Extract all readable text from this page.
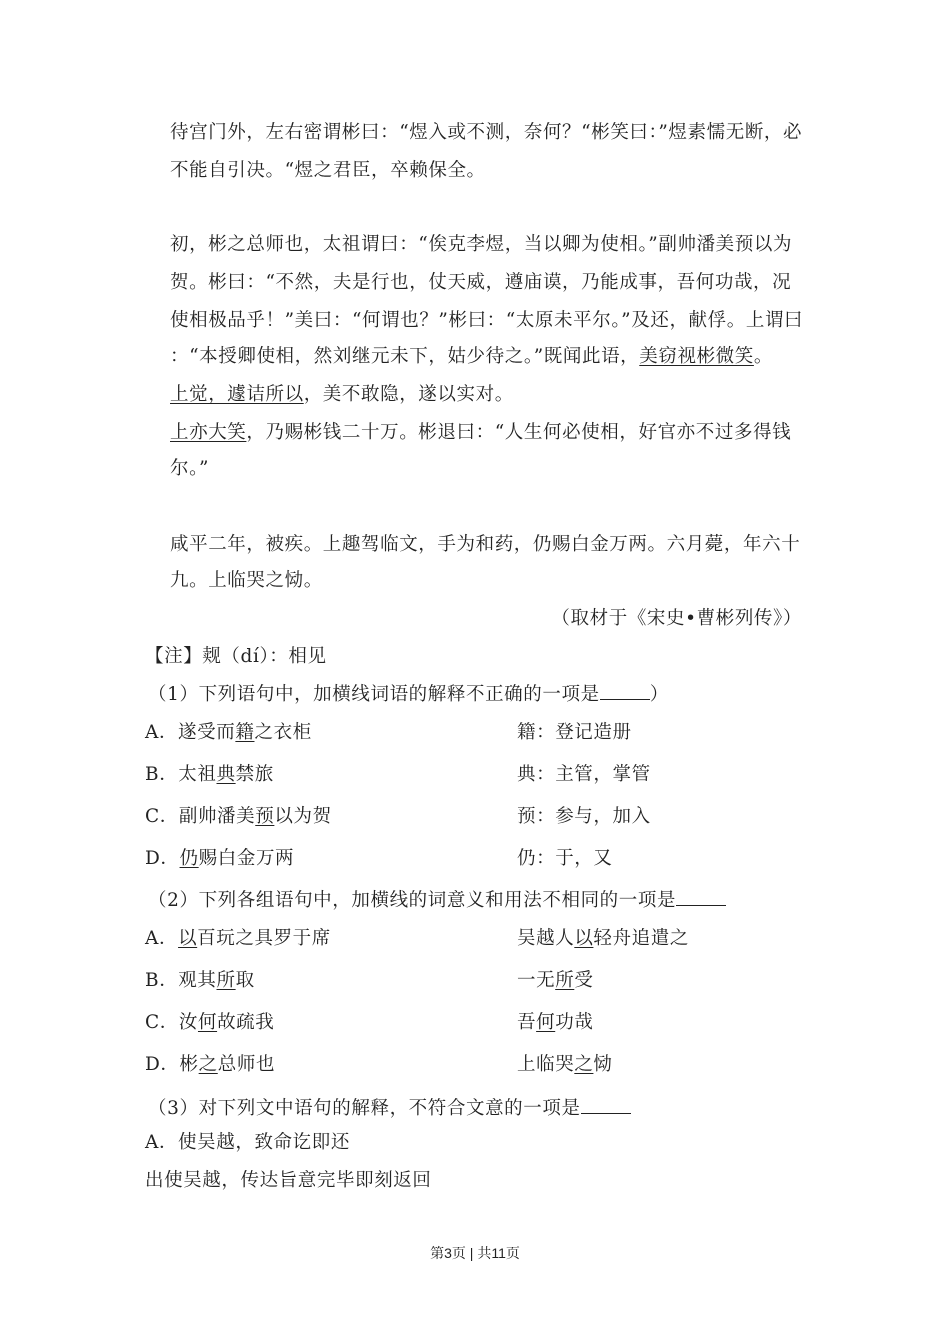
待宫门外，左右密谓彬曰：“煜入或不测，奈何？“彬笑曰：”煜素懦无断，必
不能自引决。“煜之君臣，卒赖保全。
初，彬之总师也，太祖谓曰：“俟克李煜，当以卿为使相。”副帅潘美预以为
贺。彬曰：“不然，夫是行也，仗天威，遵庙谟，乃能成事，吾何功哉，况
使相极品乎！”美曰：“何谓也？”彬曰：“太原未平尔。”及还，献俘。上谓曰
：“本授卿使相，然刘继元未下，姑少待之。”既闻此语，美窃视彬微笑。
上觉，遽诘所以，美不敢隐，遂以实对。
上亦大笑，乃赐彬钱二十万。彬退曰：“人生何必使相，好官亦不过多得钱
尔。”
咸平二年，被疾。上趣驾临文，手为和药，仍赐白金万两。六月薨，年六十
九。上临哭之恸。
（取材于《宋史•曹彬列传》）
【注】觌（dí）：相见
（1）下列语句中，加横线词语的解释不正确的一项是	）
A．遂受而籍之衣柜	籍：登记造册
B．太祖典禁旅	典：主管，掌管
C．副帅潘美预以为贺	预：参与，加入
D．仍赐白金万两	仍：于，又
（2）下列各组语句中，加横线的词意义和用法不相同的一项是
A．以百玩之具罗于席	吴越人以轻舟追遣之
B．观其所取	一无所受
C．汝何故疏我	吾何功哉
D．彬之总师也	上临哭之恸
（3）对下列文中语句的解释，不符合文意的一项是
A．使吴越，致命讫即还
出使吴越，传达旨意完毕即刻返回
第3页 | 共11页
